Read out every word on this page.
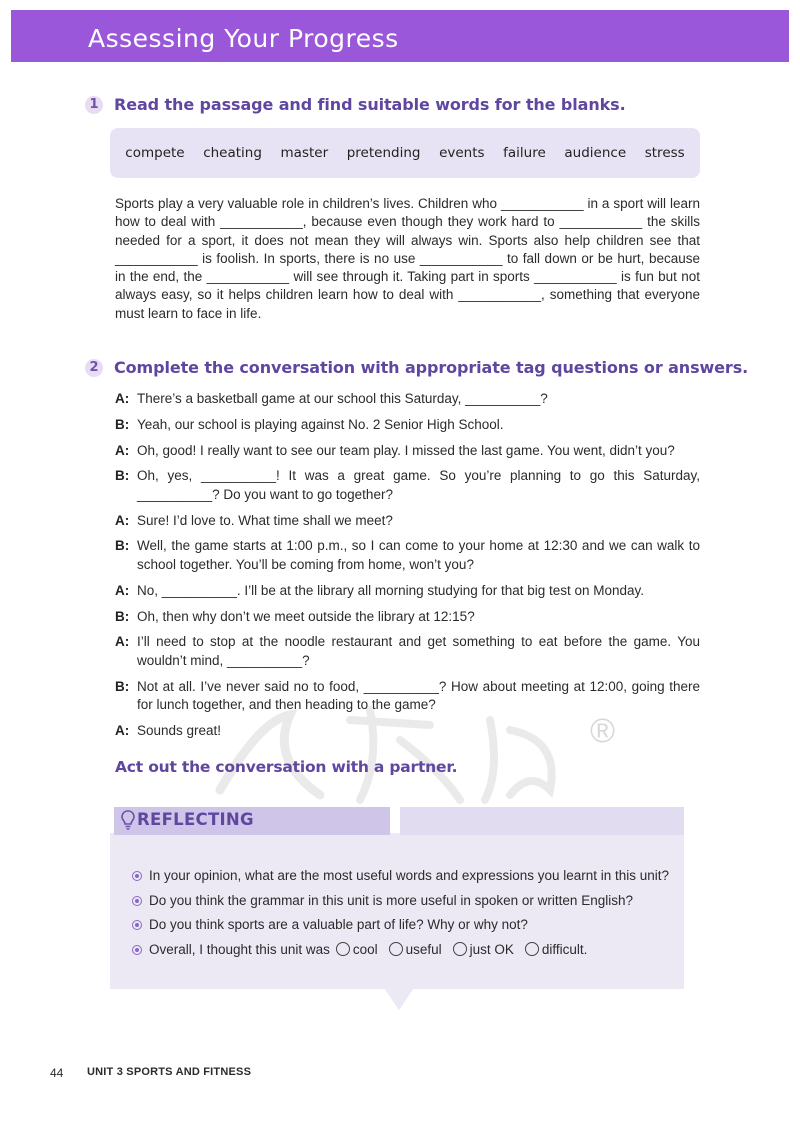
Assessing Your Progress
1 Read the passage and find suitable words for the blanks.
compete cheating master pretending events failure audience stress

Sports play a very valuable role in children’s lives. Children who ___________ in a sport will learn how to deal with ___________, because even though they work hard to ___________ the skills needed for a sport, it does not mean they will always win. Sports also help children see that ___________ is foolish. In sports, there is no use ___________ to fall down or be hurt, because in the end, the ___________ will see through it. Taking part in sports ___________ is fun but not always easy, so it helps children learn how to deal with ___________, something that everyone must learn to face in life.

2 Complete the conversation with appropriate tag questions or answers.
A: There’s a basketball game at our school this Saturday, __________?
B: Yeah, our school is playing against No. 2 Senior High School.
A: Oh, good! I really want to see our team play. I missed the last game. You went, didn’t you?
B: Oh, yes, __________! It was a great game. So you’re planning to go this Saturday, __________? Do you want to go together?
A: Sure! I’d love to. What time shall we meet?
B: Well, the game starts at 1:00 p.m., so I can come to your home at 12:30 and we can walk to school together. You’ll be coming from home, won’t you?
A: No, __________. I’ll be at the library all morning studying for that big test on Monday.
B: Oh, then why don’t we meet outside the library at 12:15?
A: I’ll need to stop at the noodle restaurant and get something to eat before the game. You wouldn’t mind, __________?
B: Not at all. I’ve never said no to food, __________? How about meeting at 12:00, going there for lunch together, and then heading to the game?
A: Sounds great!	®

Act out the conversation with a partner.

REFLECTING
In your opinion, what are the most useful words and expressions you learnt in this unit?
Do you think the grammar in this unit is more useful in spoken or written English?
Do you think sports are a valuable part of life? Why or why not?
Overall, I thought this unit was cool useful just OK difficult.
44 UNIT 3 SPORTS AND FITNESS
